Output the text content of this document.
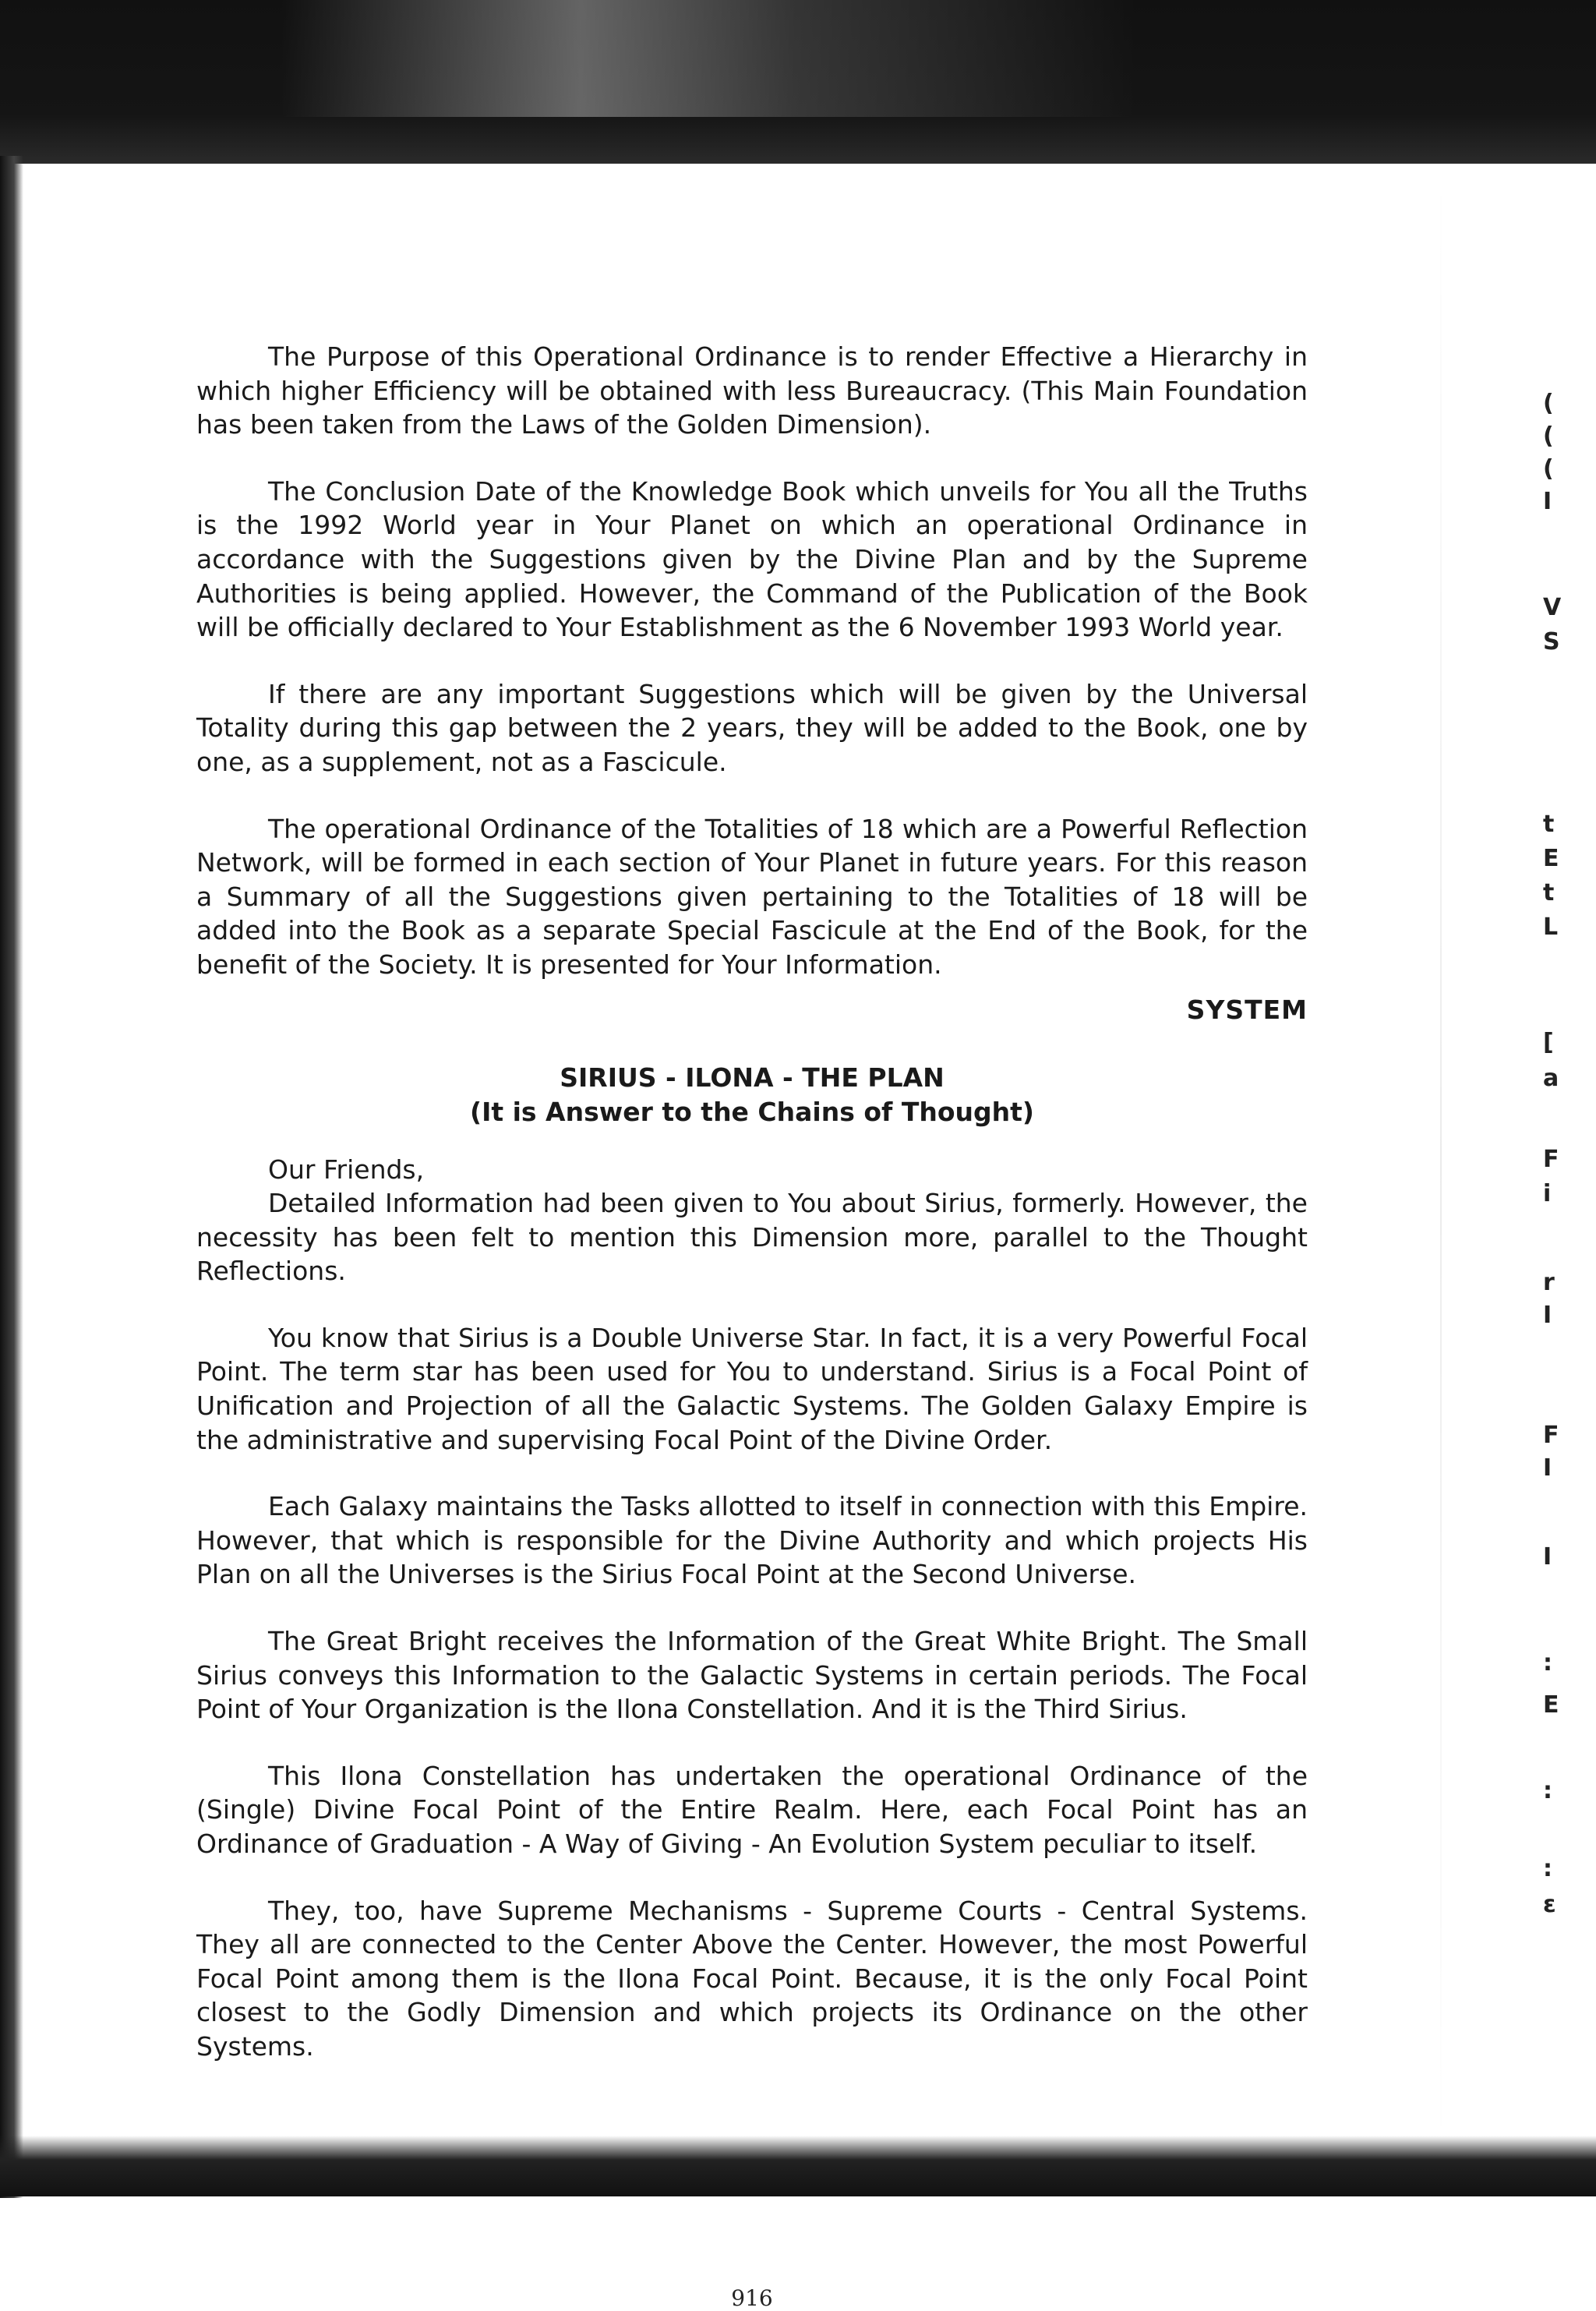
(
(
(
I
V
S
t
E
t
L
[
a
F
i
r
I
F
I
I
:
E
:
:
ε

The Purpose of this Operational Ordinance is to render Effective a Hierarchy in which higher Efficiency will be obtained with less Bureaucracy. (This Main Foundation has been taken from the Laws of the Golden Dimension).

The Conclusion Date of the Knowledge Book which unveils for You all the Truths is the 1992 World year in Your Planet on which an operational Ordinance in accordance with the Suggestions given by the Divine Plan and by the Supreme Authorities is being applied. However, the Command of the Publication of the Book will be officially declared to Your Establishment as the 6 November 1993 World year.

If there are any important Suggestions which will be given by the Universal Totality during this gap between the 2 years, they will be added to the Book, one by one, as a supplement, not as a Fascicule.

The operational Ordinance of the Totalities of 18 which are a Powerful Reflection Network, will be formed in each section of Your Planet in future years. For this reason a Summary of all the Suggestions given pertaining to the Totalities of 18 will be added into the Book as a separate Special Fascicule at the End of the Book, for the benefit of the Society. It is presented for Your Information.

SYSTEM
SIRIUS - ILONA - THE PLAN
(It is Answer to the Chains of Thought)
Our Friends,

Detailed Information had been given to You about Sirius, formerly. However, the necessity has been felt to mention this Dimension more, parallel to the Thought Reflections.

You know that Sirius is a Double Universe Star. In fact, it is a very Powerful Focal Point. The term star has been used for You to understand. Sirius is a Focal Point of Unification and Projection of all the Galactic Systems. The Golden Galaxy Empire is the administrative and supervising Focal Point of the Divine Order.

Each Galaxy maintains the Tasks allotted to itself in connection with this Empire. However, that which is responsible for the Divine Authority and which projects His Plan on all the Universes is the Sirius Focal Point at the Second Universe.

The Great Bright receives the Information of the Great White Bright. The Small Sirius conveys this Information to the Galactic Systems in certain periods. The Focal Point of Your Organization is the Ilona Constellation. And it is the Third Sirius.

This Ilona Constellation has undertaken the operational Ordinance of the (Single) Divine Focal Point of the Entire Realm. Here, each Focal Point has an Ordinance of Graduation - A Way of Giving - An Evolution System peculiar to itself.

They, too, have Supreme Mechanisms - Supreme Courts - Central Systems. They all are connected to the Center Above the Center. However, the most Powerful Focal Point among them is the Ilona Focal Point. Because, it is the only Focal Point closest to the Godly Dimension and which projects its Ordinance on the other Systems.

916
